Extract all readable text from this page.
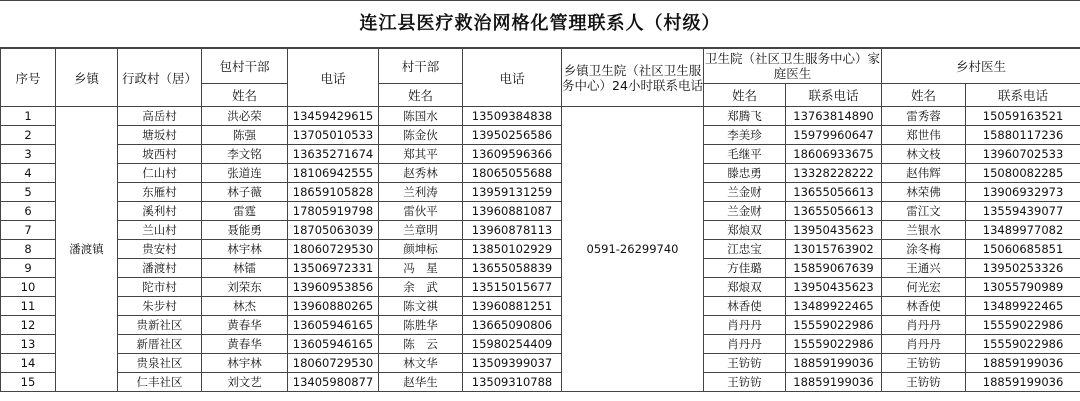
连江县医疗救治网格化管理联系人（村级）
序号	乡镇	行政村（居）	包村干部	电话	村干部	电话	乡镇卫生院（社区卫生服务中心）24小时联系电话	卫生院（社区卫生服务中心）家庭医生		乡村医生	
			姓名		姓名			姓名	联系电话	姓名	联系电话
1	潘渡镇	高岳村	洪必荣	13459429615	陈国水	13509384838	0591-26299740	郑腾飞	13763814890	雷秀蓉	15059163521
2		塘坂村	陈强	13705010533	陈金伙	13950256586		李美珍	15979960647	郑世伟	15880117236
3		坡西村	李文铭	13635271674	郑其平	13609596366		毛继平	18606933675	林文枝	13960702533
4		仁山村	张道连	18106942555	赵秀林	18065055688		滕忠勇	13328228222	赵伟辉	15080082285
5		东雁村	林子薇	18659105828	兰利涛	13959131259		兰金财	13655056613	林荣佛	13906932973
6		溪利村	雷霆	17805919798	雷伙平	13960881087		兰金财	13655056613	雷江文	13559439077
7		兰山村	聂能勇	18705063039	兰章明	13960878113		郑烺双	13950435623	兰银水	13489977082
8		贵安村	林宇林	18060729530	颜坤标	13850102929		江忠宝	13015763902	涂冬梅	15060685851
9		潘渡村	林镭	13506972331	冯　星	13655058839		方佳璐	15859067639	王通兴	13950253326
10		陀市村	刘荣东	13960953856	余　武	13515015677		郑烺双	13950435623	何光宏	13055790989
11		朱步村	林杰	13960880265	陈文祺	13960881251		林香使	13489922465	林香使	13489922465
12		贵新社区	黄春华	13605946165	陈胜华	13665090806		肖丹丹	15559022986	肖丹丹	15559022986
13		新厝社区	黄春华	13605946165	陈　云	15980254409		肖丹丹	15559022986	肖丹丹	15559022986
14		贵泉社区	林宇林	18060729530	林文华	13509399037		王钫钫	18859199036	王钫钫	18859199036
15		仁丰社区	刘文艺	13405980877	赵华生	13509310788		王钫钫	18859199036	王钫钫	18859199036
